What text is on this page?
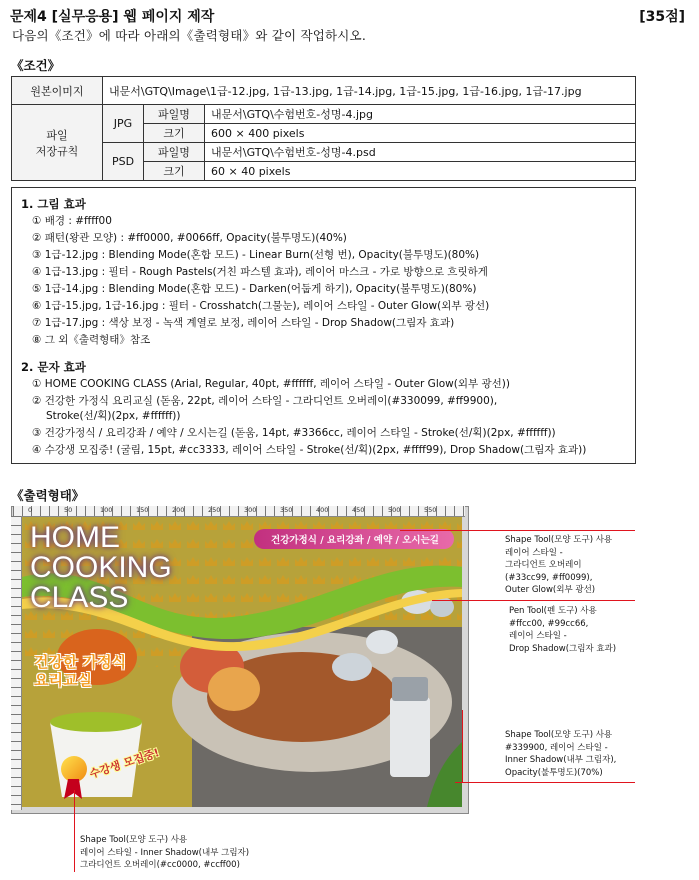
문제4 [실무응용] 웹 페이지 제작	[35점]
다음의《조건》에 따라 아래의《출력형태》와 같이 작업하시오.
《조건》
원본이미지	내문서\GTQ\Image\1급-12.jpg, 1급-13.jpg, 1급-14.jpg, 1급-15.jpg, 1급-16.jpg, 1급-17.jpg		

파일
저장규칙	JPG	파일명	내문서\GTQ\수험번호-성명-4.jpg
		크기	600 × 400 pixels
	PSD	파일명	내문서\GTQ\수험번호-성명-4.psd
		크기	60 × 40 pixels
1. 그림 효과
① 배경 : #ffff00
② 패턴(왕관 모양) : #ff0000, #0066ff, Opacity(불투명도)(40%)
③ 1급-12.jpg : Blending Mode(혼합 모드) - Linear Burn(선형 번), Opacity(불투명도)(80%)
④ 1급-13.jpg : 필터 - Rough Pastels(거친 파스텔 효과), 레이어 마스크 - 가로 방향으로 흐릿하게
⑤ 1급-14.jpg : Blending Mode(혼합 모드) - Darken(어둡게 하기), Opacity(불투명도)(80%)
⑥ 1급-15.jpg, 1급-16.jpg : 필터 - Crosshatch(그물눈), 레이어 스타일 - Outer Glow(외부 광선)
⑦ 1급-17.jpg : 색상 보정 - 녹색 계열로 보정, 레이어 스타일 - Drop Shadow(그림자 효과)
⑧ 그 외《출력형태》참조
2. 문자 효과
① HOME COOKING CLASS (Arial, Regular, 40pt, #ffffff, 레이어 스타일 - Outer Glow(외부 광선))
② 건강한 가정식 요리교실 (돋움, 22pt, 레이어 스타일 - 그라디언트 오버레이(#330099, #ff9900),
Stroke(선/획)(2px, #ffffff))
③ 건강가정식 / 요리강좌 / 예약 / 오시는길 (돋움, 14pt, #3366cc, 레이어 스타일 - Stroke(선/획)(2px, #ffffff))
④ 수강생 모집중! (굴림, 15pt, #cc3333, 레이어 스타일 - Stroke(선/획)(2px, #ffff99), Drop Shadow(그림자 효과))
《출력형태》
0	50	100	150	200	250	300	350	400	450	500	550
HOME
COOKING
CLASS
건강한 가정식
요리교실
건강가정식 / 요리강좌 / 예약 / 오시는길
수강생 모집중!
Shape Tool(모양 도구) 사용
레이어 스타일 -
그라디언트 오버레이
(#33cc99, #ff0099),
Outer Glow(외부 광선)
Pen Tool(펜 도구) 사용
#ffcc00, #99cc66,
레이어 스타일 -
Drop Shadow(그림자 효과)
Shape Tool(모양 도구) 사용
#339900, 레이어 스타일 -
Inner Shadow(내부 그림자),
Opacity(불투명도)(70%)
Shape Tool(모양 도구) 사용
레이어 스타일 - Inner Shadow(내부 그림자)
그라디언트 오버레이(#cc0000, #ccff00)
